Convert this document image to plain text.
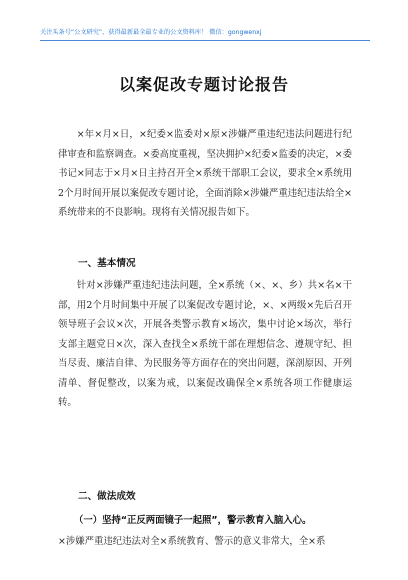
关注头条号“公文研究”，获得最新最全最专业的公文资料库！ 微信：gongwenxj
以案促改专题讨论报告

×年×月×日，×纪委×监委对×原×涉嫌严重违纪违法问题进行纪律审查和监察调查。×委高度重视，坚决拥护×纪委×监委的决定，×委书记×同志于×月×日主持召开全×系统干部职工会议，要求全×系统用2个月时间开展以案促改专题讨论，全面消除×涉嫌严重违纪违法给全×系统带来的不良影响。现将有关情况报告如下。

一、基本情况

针对×涉嫌严重违纪违法问题，全×系统（×、×、乡）共×名×干部，用2个月时间集中开展了以案促改专题讨论，×、×两级×先后召开领导班子会议×次，开展各类警示教育×场次，集中讨论×场次，举行支部主题党日×次，深入查找全×系统干部在理想信念、遵规守纪、担当尽责、廉洁自律、为民服务等方面存在的突出问题，深剖原因、开列清单、督促整改，以案为戒，以案促改确保全×系统各项工作健康运转。

二、做法成效
（一）坚持“正反两面镜子一起照”，警示教育入脑入心。
×涉嫌严重违纪违法对全×系统教育、警示的意义非常大，全×系
